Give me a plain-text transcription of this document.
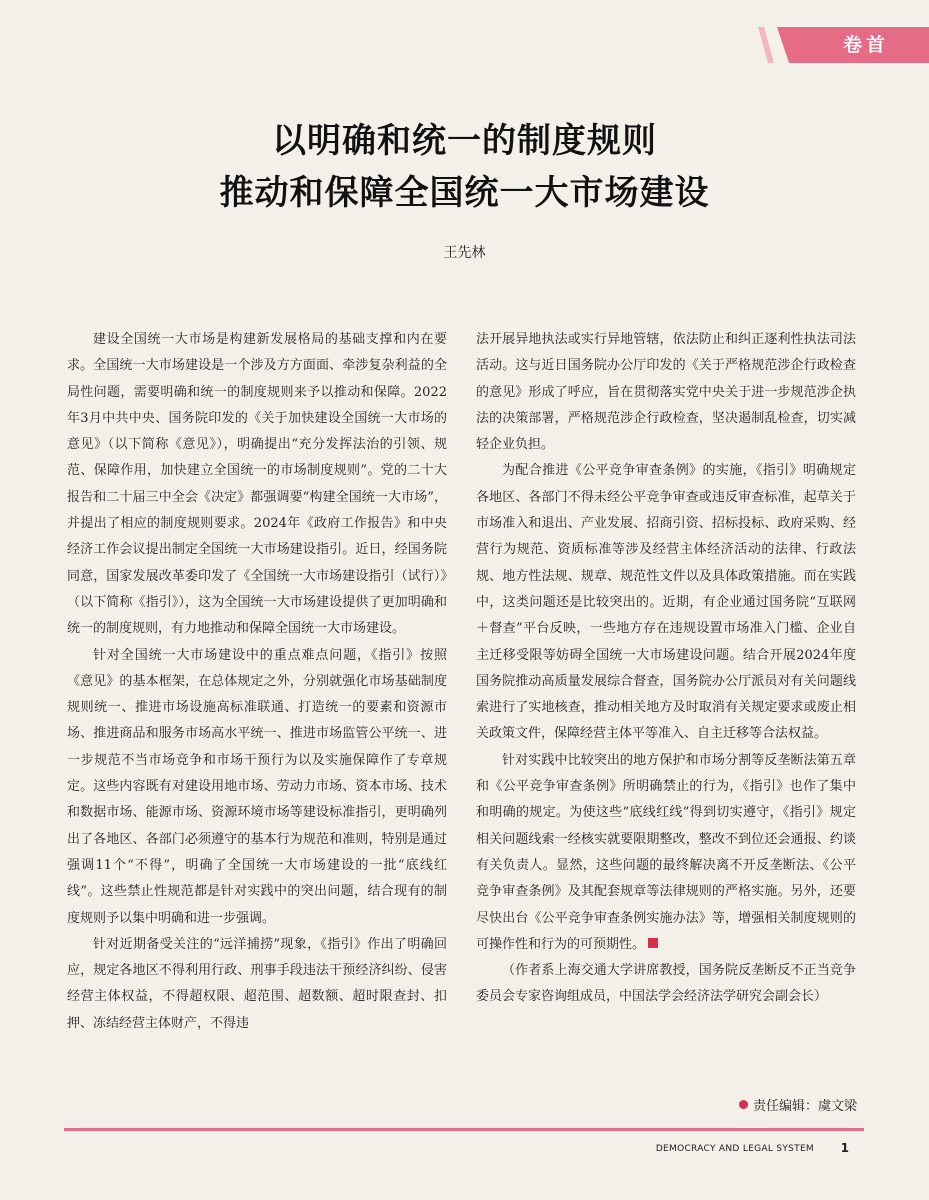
卷首
以明确和统一的制度规则
推动和保障全国统一大市场建设
王先林

建设全国统一大市场是构建新发展格局的基础支撑和内在要求。全国统一大市场建设是一个涉及方方面面、牵涉复杂利益的全局性问题，需要明确和统一的制度规则来予以推动和保障。2022年3月中共中央、国务院印发的《关于加快建设全国统一大市场的意见》（以下简称《意见》），明确提出“充分发挥法治的引领、规范、保障作用，加快建立全国统一的市场制度规则”。党的二十大报告和二十届三中全会《决定》都强调要“构建全国统一大市场”，并提出了相应的制度规则要求。2024年《政府工作报告》和中央经济工作会议提出制定全国统一大市场建设指引。近日，经国务院同意，国家发展改革委印发了《全国统一大市场建设指引（试行）》（以下简称《指引》），这为全国统一大市场建设提供了更加明确和统一的制度规则，有力地推动和保障全国统一大市场建设。

针对全国统一大市场建设中的重点难点问题，《指引》按照《意见》的基本框架，在总体规定之外，分别就强化市场基础制度规则统一、推进市场设施高标准联通、打造统一的要素和资源市场、推进商品和服务市场高水平统一、推进市场监管公平统一、进一步规范不当市场竞争和市场干预行为以及实施保障作了专章规定。这些内容既有对建设用地市场、劳动力市场、资本市场、技术和数据市场、能源市场、资源环境市场等建设标准指引，更明确列出了各地区、各部门必须遵守的基本行为规范和准则，特别是通过强调11个“不得”，明确了全国统一大市场建设的一批“底线红线”。这些禁止性规范都是针对实践中的突出问题，结合现有的制度规则予以集中明确和进一步强调。

针对近期备受关注的“远洋捕捞”现象，《指引》作出了明确回应，规定各地区不得利用行政、刑事手段违法干预经济纠纷、侵害经营主体权益，不得超权限、超范围、超数额、超时限查封、扣押、冻结经营主体财产，不得违

法开展异地执法或实行异地管辖，依法防止和纠正逐利性执法司法活动。这与近日国务院办公厅印发的《关于严格规范涉企行政检查的意见》形成了呼应，旨在贯彻落实党中央关于进一步规范涉企执法的决策部署，严格规范涉企行政检查，坚决遏制乱检查，切实减轻企业负担。

为配合推进《公平竞争审查条例》的实施，《指引》明确规定各地区、各部门不得未经公平竞争审查或违反审查标准，起草关于市场准入和退出、产业发展、招商引资、招标投标、政府采购、经营行为规范、资质标准等涉及经营主体经济活动的法律、行政法规、地方性法规、规章、规范性文件以及具体政策措施。而在实践中，这类问题还是比较突出的。近期，有企业通过国务院“互联网＋督查”平台反映，一些地方存在违规设置市场准入门槛、企业自主迁移受限等妨碍全国统一大市场建设问题。结合开展2024年度国务院推动高质量发展综合督查，国务院办公厅派员对有关问题线索进行了实地核查，推动相关地方及时取消有关规定要求或废止相关政策文件，保障经营主体平等准入、自主迁移等合法权益。

针对实践中比较突出的地方保护和市场分割等反垄断法第五章和《公平竞争审查条例》所明确禁止的行为，《指引》也作了集中和明确的规定。为使这些“底线红线”得到切实遵守，《指引》规定相关问题线索一经核实就要限期整改，整改不到位还会通报、约谈有关负责人。显然，这些问题的最终解决离不开反垄断法、《公平竞争审查条例》及其配套规章等法律规则的严格实施。另外，还要尽快出台《公平竞争审查条例实施办法》等，增强相关制度规则的可操作性和行为的可预期性。

（作者系上海交通大学讲席教授，国务院反垄断反不正当竞争委员会专家咨询组成员，中国法学会经济法学研究会副会长）

责任编辑：虞文梁
DEMOCRACY AND LEGAL SYSTEM 1
